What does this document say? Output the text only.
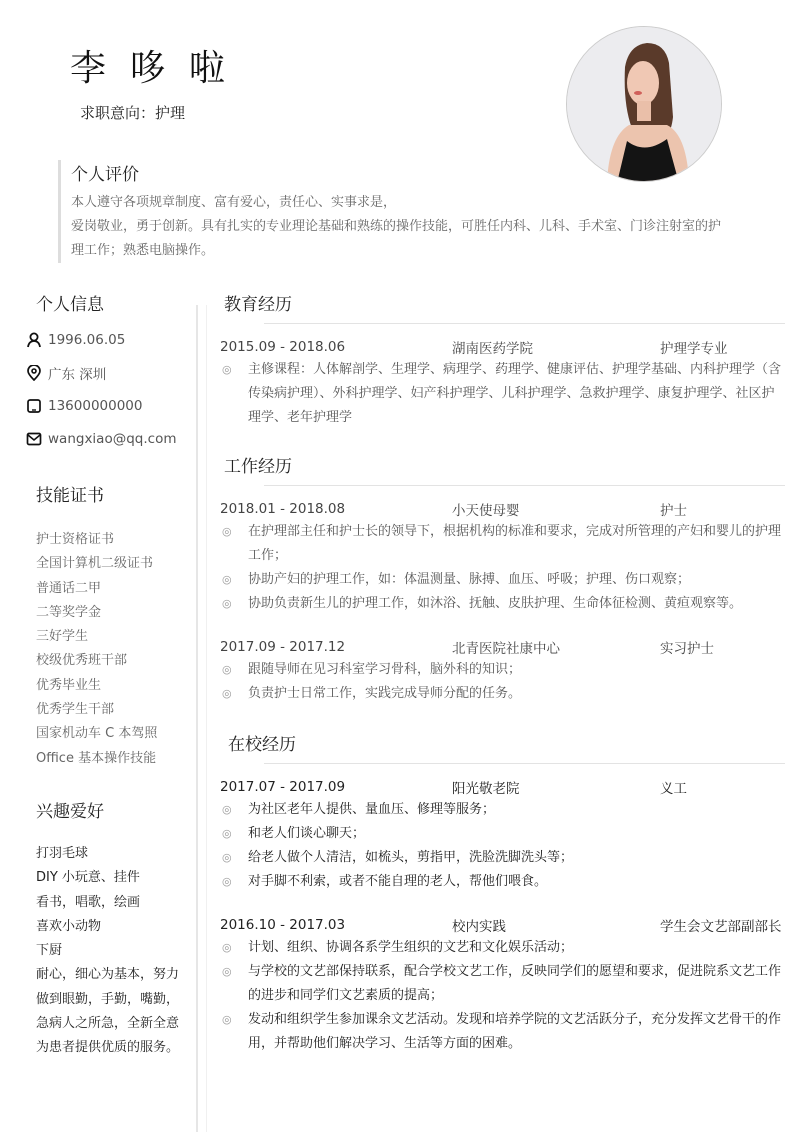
李 哆 啦
求职意向：护理
个人评价
本人遵守各项规章制度、富有爱心，责任心、实事求是，
爱岗敬业，勇于创新。具有扎实的专业理论基础和熟练的操作技能，可胜任内科、儿科、手术室、门诊注射室的护
理工作；熟悉电脑操作。
个人信息
1996.06.05
广东 深圳
13600000000
wangxiao@qq.com
技能证书
护士资格证书
全国计算机二级证书
普通话二甲
二等奖学金
三好学生
校级优秀班干部
优秀毕业生
优秀学生干部
国家机动车 C 本驾照
Office 基本操作技能
兴趣爱好
打羽毛球
DIY 小玩意、挂件
看书，唱歌，绘画
喜欢小动物
下厨
耐心，细心为基本，努力
做到眼勤，手勤，嘴勤，
急病人之所急，全新全意
为患者提供优质的服务。
教育经历
2015.09 - 2018.06	湖南医药学院	护理学专业
◎	主修课程：人体解剖学、生理学、病理学、药理学、健康评估、护理学基础、内科护理学（含传染病护理）、外科护理学、妇产科护理学、儿科护理学、急救护理学、康复护理学、社区护理学、老年护理学
工作经历
2018.01 - 2018.08	小天使母婴	护士
◎	在护理部主任和护士长的领导下，根据机构的标准和要求，完成对所管理的产妇和婴儿的护理工作；
◎	协助产妇的护理工作，如：体温测量、脉搏、血压、呼吸；护理、伤口观察；
◎	协助负责新生儿的护理工作，如沐浴、抚触、皮肤护理、生命体征检测、黄疸观察等。
2017.09 - 2017.12	北青医院社康中心	实习护士
◎	跟随导师在见习科室学习骨科，脑外科的知识；
◎	负责护士日常工作，实践完成导师分配的任务。
在校经历
2017.07 - 2017.09	阳光敬老院	义工
◎	为社区老年人提供、量血压、修理等服务；
◎	和老人们谈心聊天；
◎	给老人做个人清洁，如梳头，剪指甲，洗脸洗脚洗头等；
◎	对手脚不利索，或者不能自理的老人，帮他们喂食。
2016.10 - 2017.03	校内实践	学生会文艺部副部长
◎	计划、组织、协调各系学生组织的文艺和文化娱乐活动；
◎	与学校的文艺部保持联系，配合学校文艺工作，反映同学们的愿望和要求，促进院系文艺工作的进步和同学们文艺素质的提高；
◎	发动和组织学生参加课余文艺活动。发现和培养学院的文艺活跃分子，充分发挥文艺骨干的作用，并帮助他们解决学习、生活等方面的困难。
